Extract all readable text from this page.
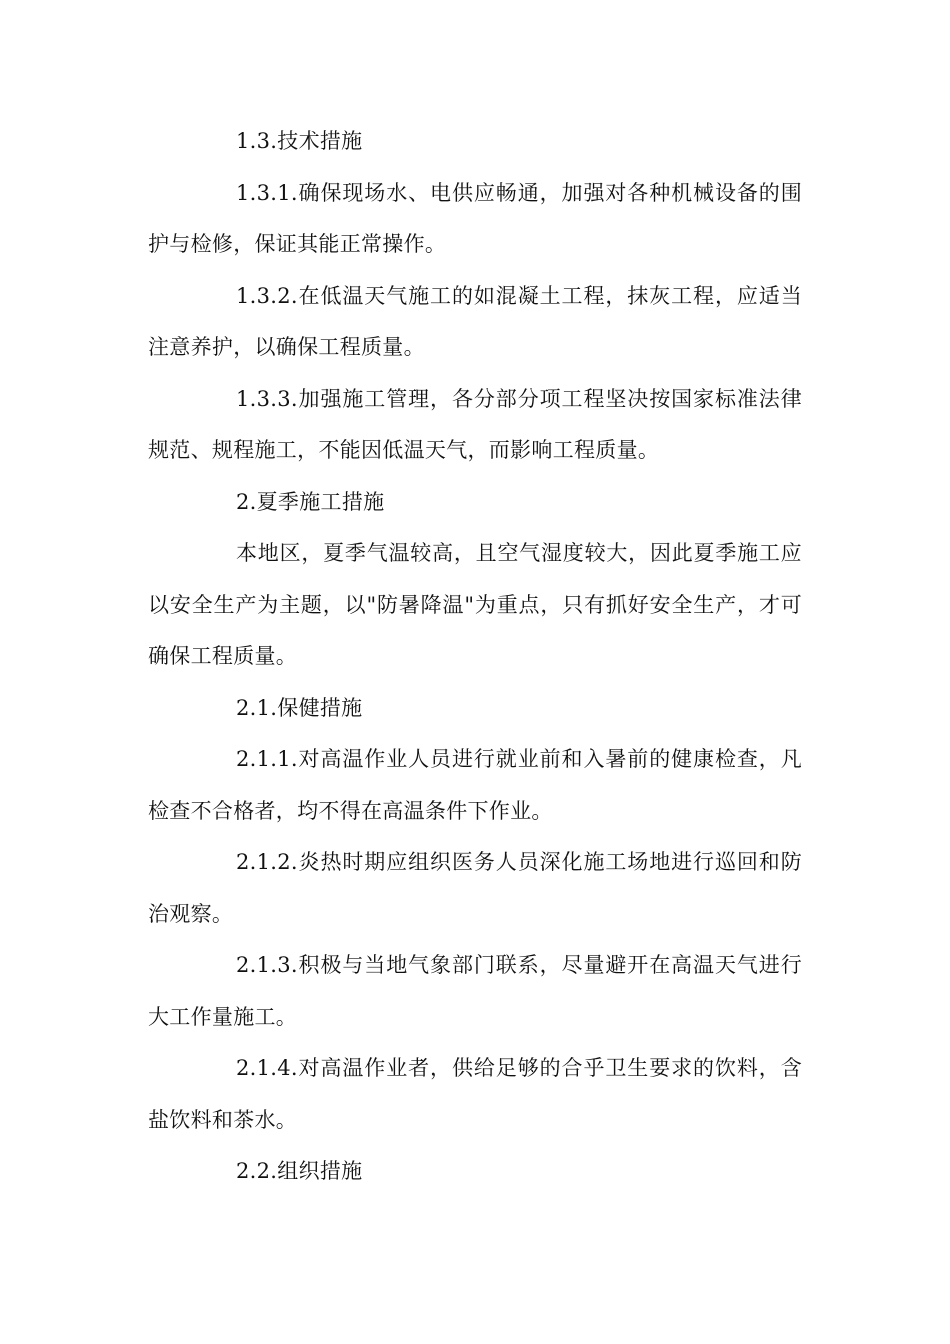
1.3.技术措施

1.3.1.确保现场水、电供应畅通，加强对各种机械设备的围护与检修，保证其能正常操作。

1.3.2.在低温天气施工的如混凝土工程，抹灰工程，应适当注意养护，以确保工程质量。

1.3.3.加强施工管理，各分部分项工程坚决按国家标准法律规范、规程施工，不能因低温天气，而影响工程质量。

2.夏季施工措施

本地区，夏季气温较高，且空气湿度较大，因此夏季施工应以安全生产为主题，以"防暑降温"为重点，只有抓好安全生产，才可确保工程质量。

2.1.保健措施

2.1.1.对高温作业人员进行就业前和入暑前的健康检查，凡检查不合格者，均不得在高温条件下作业。

2.1.2.炎热时期应组织医务人员深化施工场地进行巡回和防治观察。

2.1.3.积极与当地气象部门联系，尽量避开在高温天气进行大工作量施工。

2.1.4.对高温作业者，供给足够的合乎卫生要求的饮料，含盐饮料和茶水。

2.2.组织措施
